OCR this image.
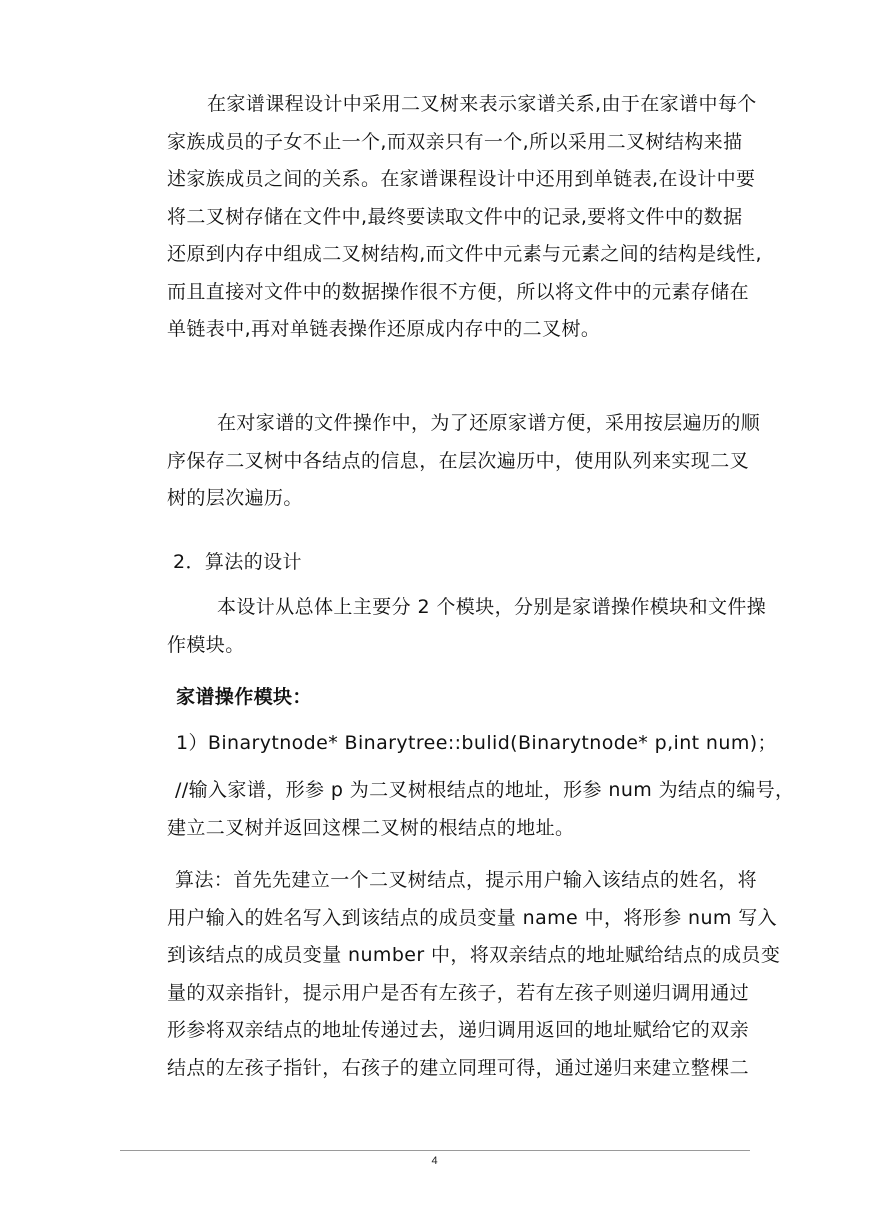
在家谱课程设计中采用二叉树来表示家谱关系,由于在家谱中每个
家族成员的子女不止一个,而双亲只有一个,所以采用二叉树结构来描
述家族成员之间的关系。在家谱课程设计中还用到单链表,在设计中要
将二叉树存储在文件中,最终要读取文件中的记录,要将文件中的数据
还原到内存中组成二叉树结构,而文件中元素与元素之间的结构是线性,
而且直接对文件中的数据操作很不方便，所以将文件中的元素存储在
单链表中,再对单链表操作还原成内存中的二叉树。
在对家谱的文件操作中，为了还原家谱方便，采用按层遍历的顺
序保存二叉树中各结点的信息，在层次遍历中，使用队列来实现二叉
树的层次遍历。
2．算法的设计
本设计从总体上主要分 2 个模块，分别是家谱操作模块和文件操
作模块。
家谱操作模块：
1）Binarytnode* Binarytree::bulid(Binarytnode* p,int num)；
//输入家谱，形参 p 为二叉树根结点的地址，形参 num 为结点的编号，
建立二叉树并返回这棵二叉树的根结点的地址。
算法：首先先建立一个二叉树结点，提示用户输入该结点的姓名，将
用户输入的姓名写入到该结点的成员变量 name 中，将形参 num 写入
到该结点的成员变量 number 中，将双亲结点的地址赋给结点的成员变
量的双亲指针，提示用户是否有左孩子，若有左孩子则递归调用通过
形参将双亲结点的地址传递过去，递归调用返回的地址赋给它的双亲
结点的左孩子指针，右孩子的建立同理可得，通过递归来建立整棵二
4
